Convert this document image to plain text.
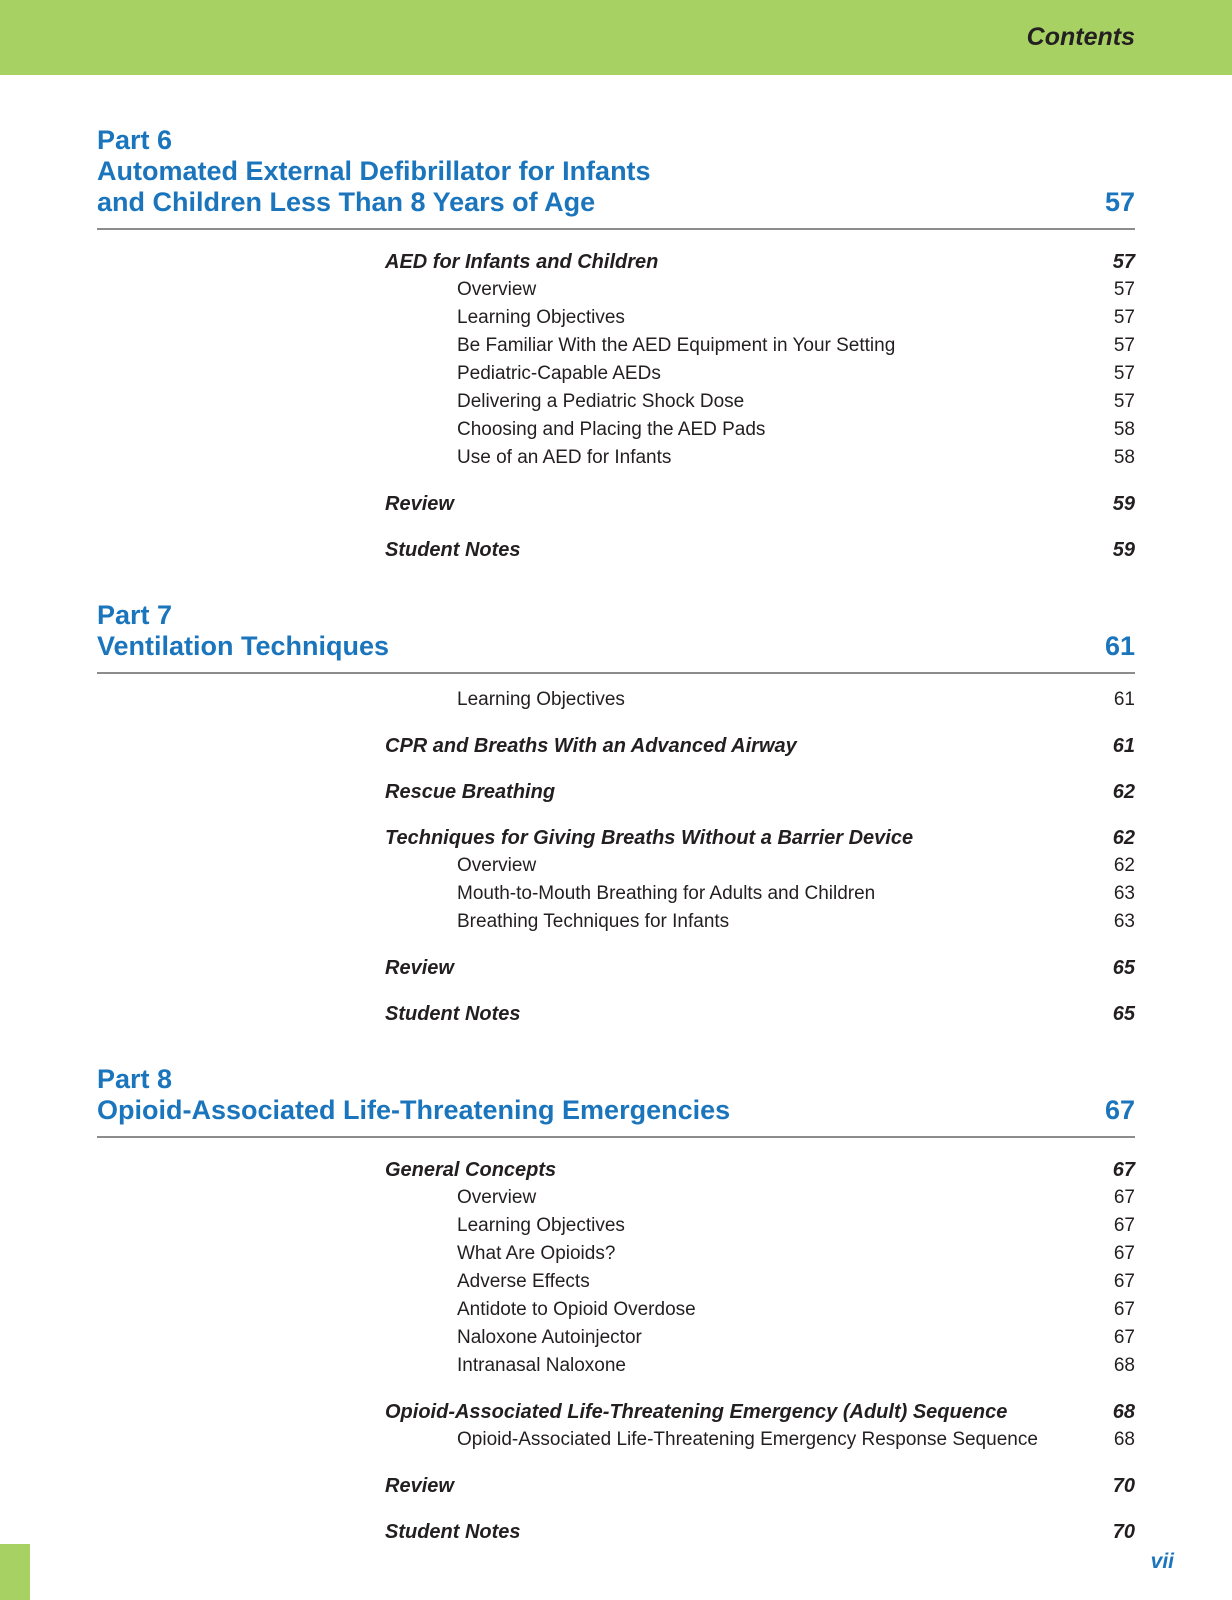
Contents
Part 6
Automated External Defibrillator for Infants
and Children Less Than 8 Years of Age	57
AED for Infants and Children	57
Overview	57
Learning Objectives	57
Be Familiar With the AED Equipment in Your Setting	57
Pediatric-Capable AEDs	57
Delivering a Pediatric Shock Dose	57
Choosing and Placing the AED Pads	58
Use of an AED for Infants	58
Review	59
Student Notes	59
Part 7
Ventilation Techniques	61
Learning Objectives	61
CPR and Breaths With an Advanced Airway	61
Rescue Breathing	62
Techniques for Giving Breaths Without a Barrier Device	62
Overview	62
Mouth-to-Mouth Breathing for Adults and Children	63
Breathing Techniques for Infants	63
Review	65
Student Notes	65
Part 8
Opioid-Associated Life-Threatening Emergencies	67
General Concepts	67
Overview	67
Learning Objectives	67
What Are Opioids?	67
Adverse Effects	67
Antidote to Opioid Overdose	67
Naloxone Autoinjector	67
Intranasal Naloxone	68
Opioid-Associated Life-Threatening Emergency (Adult) Sequence	68
Opioid-Associated Life-Threatening Emergency Response Sequence	68
Review	70
Student Notes	70
vii
